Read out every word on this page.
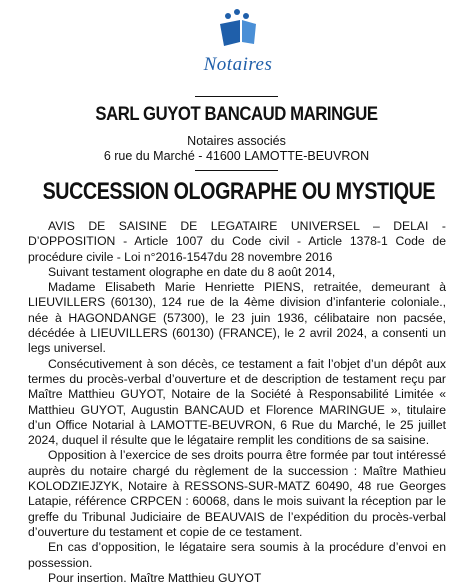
Notaires
SARL GUYOT BANCAUD MARINGUE
Notaires associés
6 rue du Marché - 41600 LAMOTTE-BEUVRON
SUCCESSION OLOGRAPHE OU MYSTIQUE

AVIS DE SAISINE DE LEGATAIRE UNIVERSEL – DELAI - D’OPPOSITION - Article 1007 du Code civil - Article 1378-1 Code de procédure civile - Loi n°2016-1547du 28 novembre 2016

Suivant testament olographe en date du 8 août 2014,

Madame Elisabeth Marie Henriette PIENS, retraitée, demeurant à LIEUVILLERS (60130), 124 rue de la 4ème division d’infanterie coloniale., née à HAGONDANGE (57300), le 23 juin 1936, célibataire non pacsée, décédée à LIEUVILLERS (60130) (FRANCE), le 2 avril 2024, a consenti un legs universel.

Consécutivement à son décès, ce testament a fait l’objet d’un dépôt aux termes du procès-verbal d’ouverture et de description de testament reçu par Maître Matthieu GUYOT, Notaire de la Société à Responsabilité Limitée « Matthieu GUYOT, Augustin BANCAUD et Florence MARINGUE », titulaire d’un Office Notarial à LAMOTTE-BEUVRON, 6 Rue du Marché, le 25 juillet 2024, duquel il résulte que le légataire remplit les conditions de sa saisine.

Opposition à l’exercice de ses droits pourra être formée par tout intéressé auprès du notaire chargé du règlement de la succession : Maître Mathieu KOLODZIEJZYK, Notaire à RESSONS-SUR-MATZ 60490, 48 rue Georges Latapie, référence CRPCEN : 60068, dans le mois suivant la réception par le greffe du Tribunal Judiciaire de BEAUVAIS de l’expédition du procès-verbal d’ouverture du testament et copie de ce testament.

En cas d’opposition, le légataire sera soumis à la procédure d’envoi en possession.

Pour insertion. Maître Matthieu GUYOT
